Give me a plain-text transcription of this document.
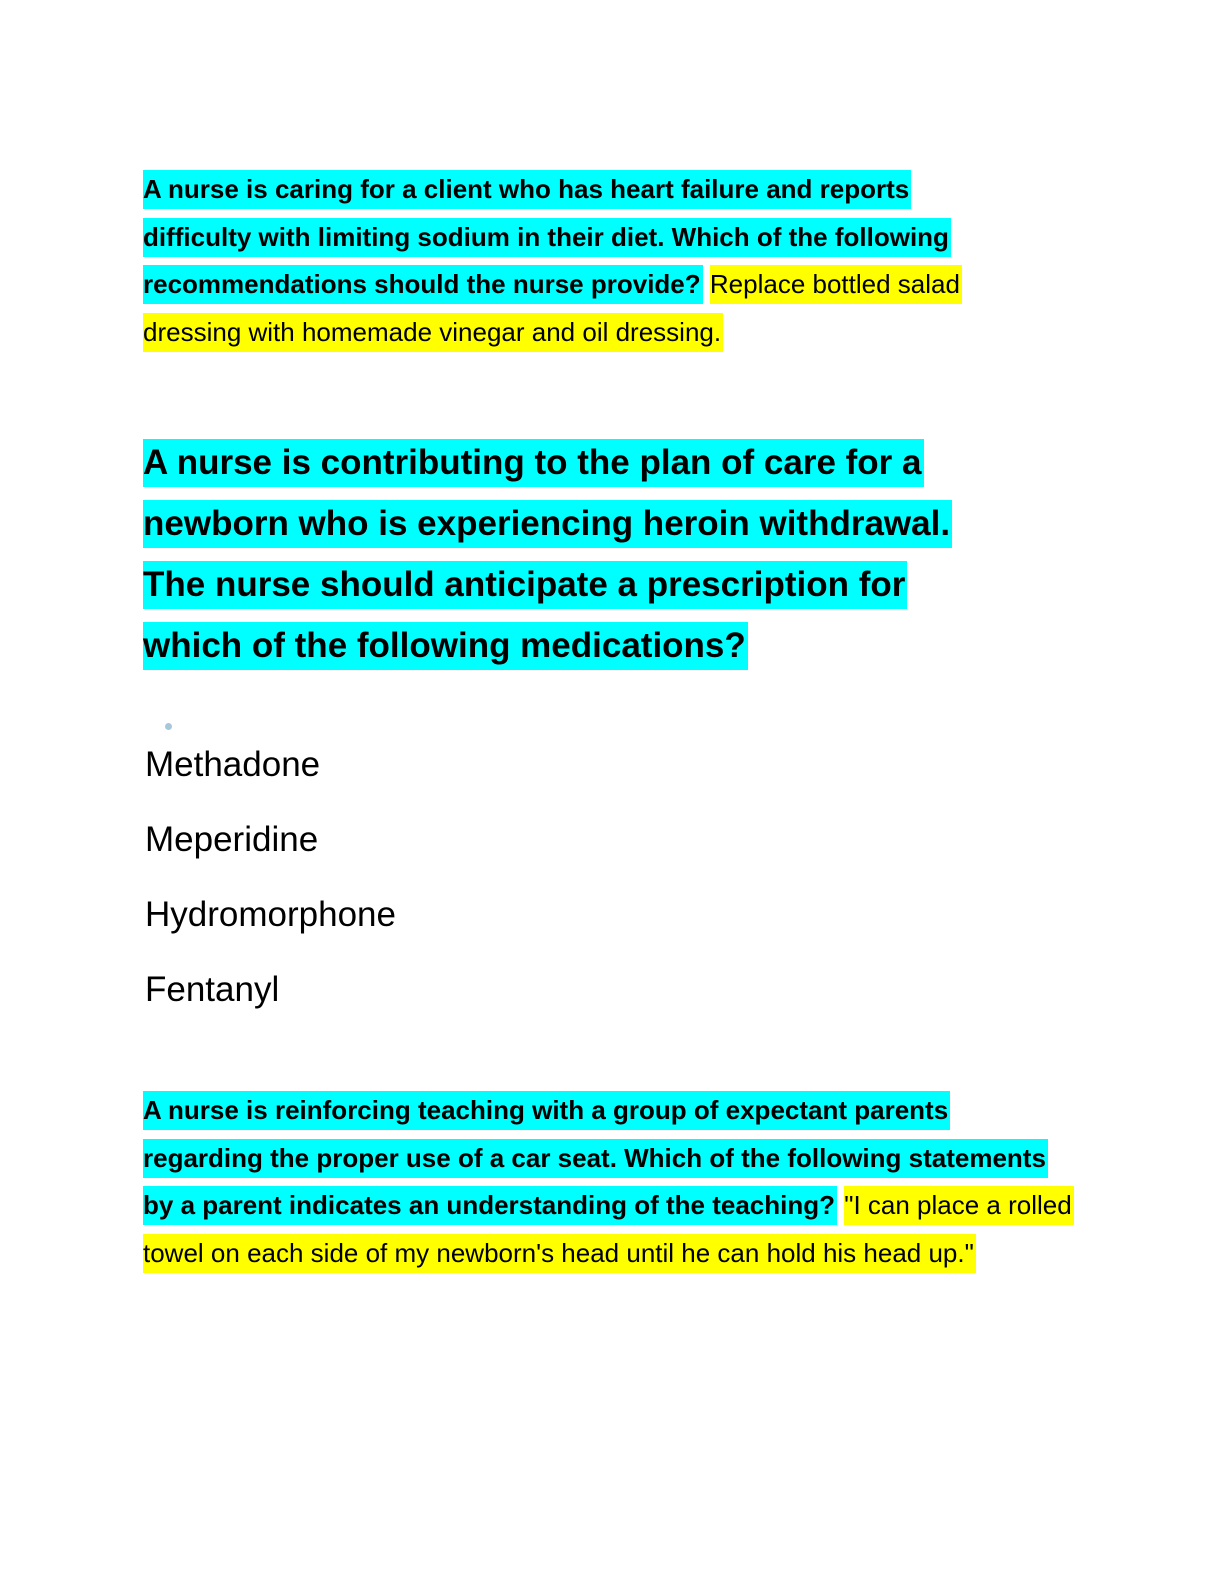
A nurse is caring for a client who has heart failure and reports difficulty with limiting sodium in their diet. Which of the following recommendations should the nurse provide? Replace bottled salad dressing with homemade vinegar and oil dressing.

A nurse is contributing to the plan of care for a newborn who is experiencing heroin withdrawal. The nurse should anticipate a prescription for which of the following medications?

Methadone
Meperidine
Hydromorphone
Fentanyl

A nurse is reinforcing teaching with a group of expectant parents regarding the proper use of a car seat. Which of the following statements by a parent indicates an understanding of the teaching? "I can place a rolled towel on each side of my newborn's head until he can hold his head up."
